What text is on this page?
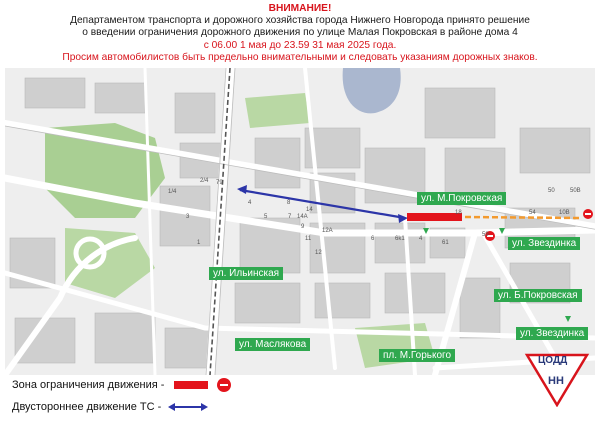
ВНИМАНИЕ!
Департаментом транспорта и дорожного хозяйства города Нижнего Новгорода принято решение
о введении ограничения дорожного движения по улице Малая Покровская в районе дома 4
с 06.00 1 мая до 23.59 31 мая 2025 года.
Просим автомобилистов быть предельно внимательными и следовать указаниям дорожных знаков.
79
2/4
1/4
3
1
4
5	7
8
9
11
12
14A
14
12A
6	6k1 4
61
59
18	54	10B
50B
50
ул. М.Покровская
ул. Звездинка
ул. Ильинская
ул. Б.Покровская
ул. Звездинка
ул. Маслякова
пл. М.Горького
Зона ограничения движения -
Двустороннее движение ТС -
ЦОДД
НН
